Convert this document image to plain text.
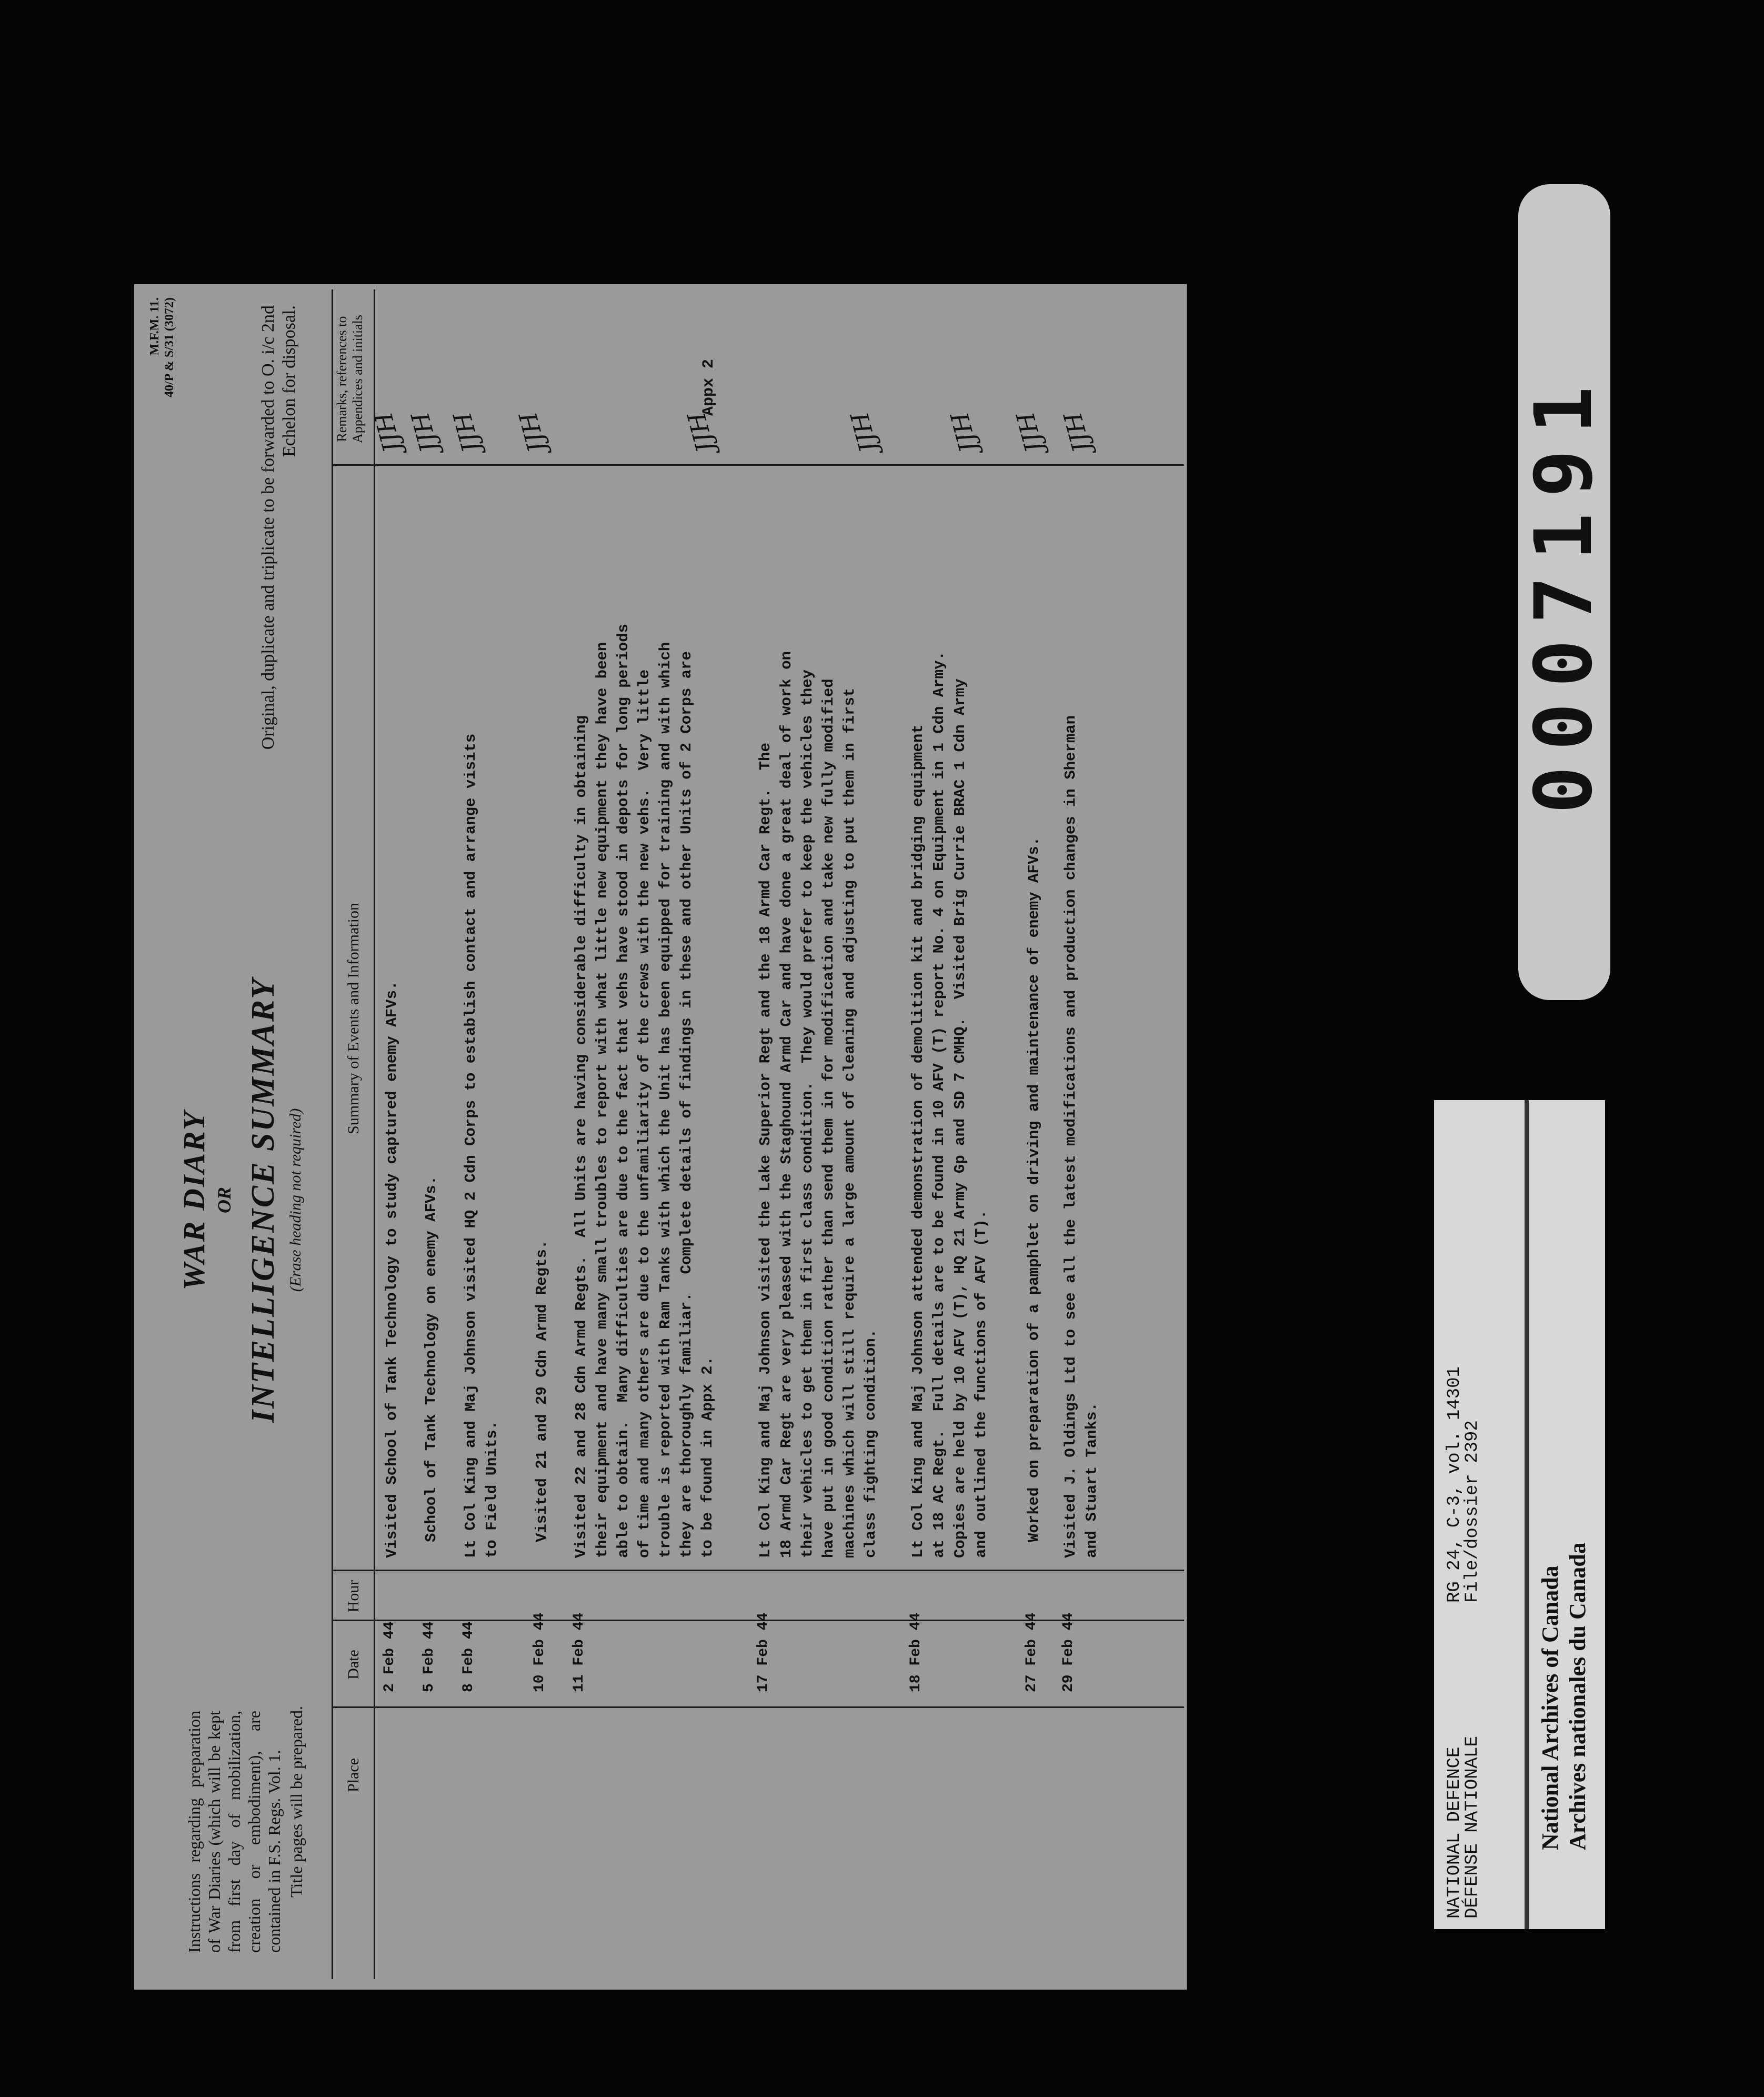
Instructions regarding preparation of War Diaries (which will be kept from first day of mobilization, creation or embodiment), are contained in F.S. Regs. Vol. 1. Title pages will be prepared.
M.F.M. 11. 40/P & S/31 (3072)
WAR DIARY OR INTELLIGENCE SUMMARY (Erase heading not required)
Original, duplicate and triplicate to be forwarded to O. i/c 2nd Echelon for disposal.
Place
Date
Hour
Summary of Events and Information
Remarks, references to Appendices and initials
2 Feb 44
Visited School of Tank Technology to study captured enemy AFVs.
JJH
5 Feb 44
School of Tank Technology on enemy AFVs.
JJH
8 Feb 44
Lt Col King and Maj Johnson visited HQ 2 Cdn Corps to establish contact and arrange visits
to Field Units.
JJH
10 Feb 44
Visited 21 and 29 Cdn Armd Regts.
JJH
11 Feb 44
Visited 22 and 28 Cdn Armd Regts.  All Units are having considerable difficulty in obtaining
their equipment and have many small troubles to report with what little new equipment they have been
able to obtain.  Many difficulties are due to the fact that vehs have stood in depots for long periods
of time and many others are due to the unfamiliarity of the crews with the new vehs.  Very little
trouble is reported with Ram Tanks with which the Unit has been equipped for training and with which
they are thoroughly familiar.  Complete details of findings in these and other Units of 2 Corps are
to be found in Appx 2.
JJH
Appx 2
17 Feb 44
Lt Col King and Maj Johnson visited the Lake Superior Regt and the 18 Armd Car Regt.  The
18 Armd Car Regt are very pleased with the Staghound Armd Car and have done a great deal of work on
their vehicles to get them in first class condition.  They would prefer to keep the vehicles they
have put in good condition rather than send them in for modification and take new fully modified
machines which will still require a large amount of cleaning and adjusting to put them in first
class fighting condition.
JJH
18 Feb 44
Lt Col King and Maj Johnson attended demonstration of demolition kit and bridging equipment
at 18 AC Regt.  Full details are to be found in 10 AFV (T) report No. 4 on Equipment in 1 Cdn Army.
Copies are held by 10 AFV (T), HQ 21 Army Gp and SD 7 CMHQ.  Visited Brig Currie BRAC 1 Cdn Army
and outlined the functions of AFV (T).
JJH
27 Feb 44
Worked on preparation of a pamphlet on driving and maintenance of enemy AFVs.
JJH
29 Feb 44
Visited J. Oldings Ltd to see all the latest modifications and production changes in Sherman
and Stuart Tanks.
JJH	0007191
NATIONAL DEFENCE
DÉFENSE NATIONALE
RG 24, C-3, vol. 14301
File/dossier 2392
National Archives of Canada Archives nationales du Canada
